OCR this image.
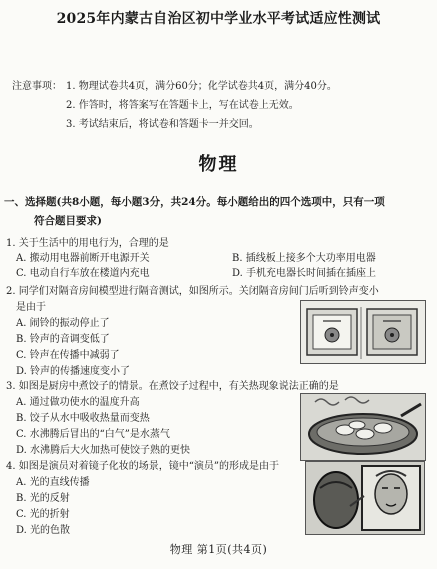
2025年内蒙古自治区初中学业水平考试适应性测试
注意事项： 1. 物理试卷共4页，满分60分；化学试卷共4页，满分40分。
2. 作答时，将答案写在答题卡上，写在试卷上无效。
3. 考试结束后，将试卷和答题卡一并交回。
物理
一、选择题(共8小题，每小题3分，共24分。每小题给出的四个选项中，只有一项
符合题目要求)
1. 关于生活中的用电行为，合理的是
A. 搬动用电器前断开电源开关	B. 插线板上接多个大功率用电器
C. 电动自行车放在楼道内充电	D. 手机充电器长时间插在插座上
2. 同学们对隔音房间模型进行隔音测试，如图所示。关闭隔音房间门后听到铃声变小
是由于
A. 闹铃的振动停止了
B. 铃声的音调变低了
C. 铃声在传播中减弱了
D. 铃声的传播速度变小了
3. 如图是厨房中煮饺子的情景。在煮饺子过程中，有关热现象说法正确的是
A. 通过做功使水的温度升高
B. 饺子从水中吸收热量而变热
C. 水沸腾后冒出的“白气”是水蒸气
D. 水沸腾后大火加热可使饺子熟的更快
4. 如图是演员对着镜子化妆的场景，镜中“演员”的形成是由于
A. 光的直线传播
B. 光的反射
C. 光的折射
D. 光的色散
物理 第1页(共4页)
